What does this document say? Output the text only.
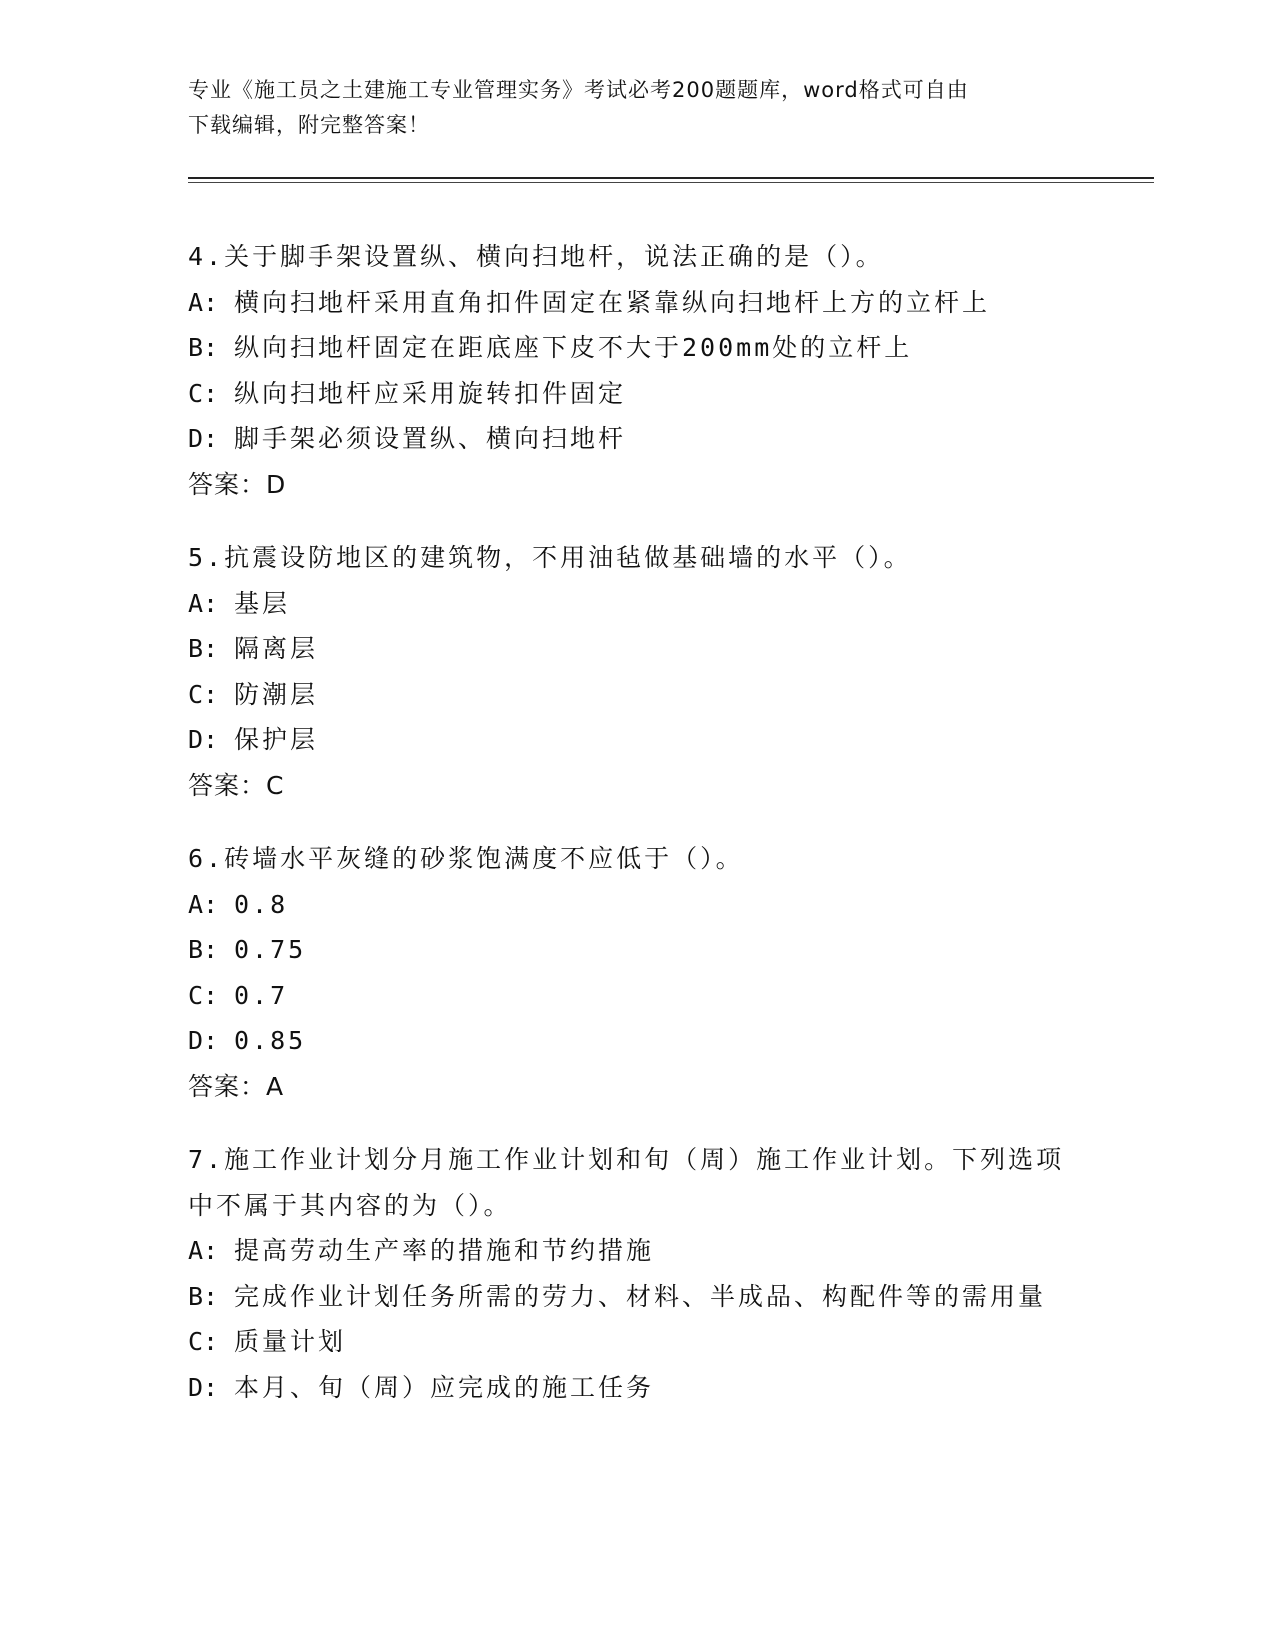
专业《施工员之土建施工专业管理实务》考试必考200题题库，word格式可自由
下载编辑，附完整答案！
4.关于脚手架设置纵、横向扫地杆，说法正确的是（）。
A: 横向扫地杆采用直角扣件固定在紧靠纵向扫地杆上方的立杆上
B: 纵向扫地杆固定在距底座下皮不大于200mm处的立杆上
C: 纵向扫地杆应采用旋转扣件固定
D: 脚手架必须设置纵、横向扫地杆
答案：D
5.抗震设防地区的建筑物，不用油毡做基础墙的水平（）。
A: 基层
B: 隔离层
C: 防潮层
D: 保护层
答案：C
6.砖墙水平灰缝的砂浆饱满度不应低于（）。
A: 0.8
B: 0.75
C: 0.7
D: 0.85
答案：A
7.施工作业计划分月施工作业计划和旬（周）施工作业计划。下列选项中不属于其内容的为（）。
A: 提高劳动生产率的措施和节约措施
B: 完成作业计划任务所需的劳力、材料、半成品、构配件等的需用量
C: 质量计划
D: 本月、旬（周）应完成的施工任务
